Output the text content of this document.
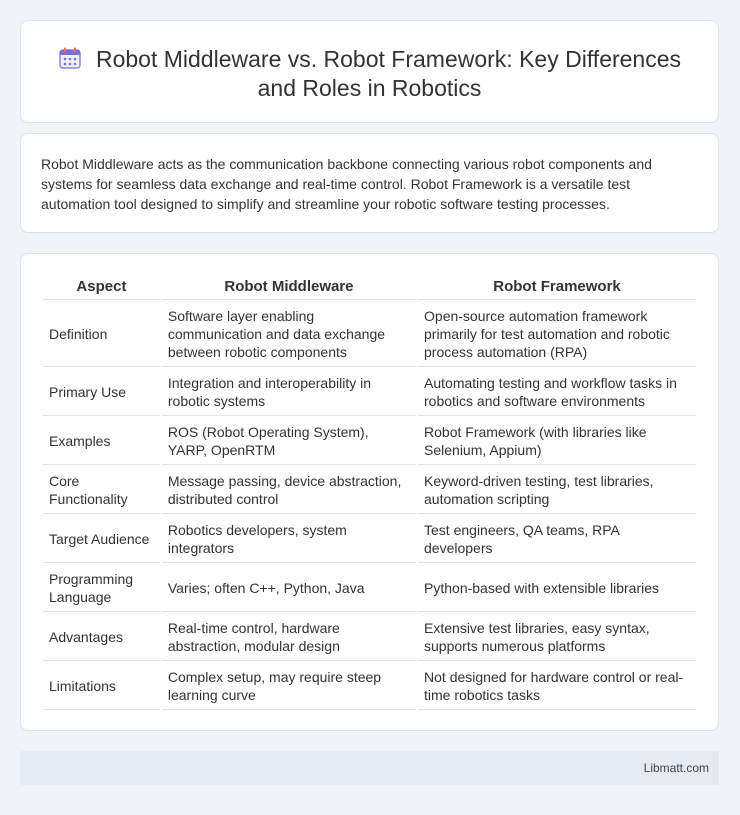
Robot Middleware vs. Robot Framework: Key Differences
and Roles in Robotics

Robot Middleware acts as the communication backbone connecting various robot components and systems for seamless data exchange and real-time control. Robot Framework is a versatile test automation tool designed to simplify and streamline your robotic software testing processes.

Aspect	Robot Middleware	Robot Framework
Definition	Software layer enabling communication and data exchange between robotic components	Open-source automation framework primarily for test automation and robotic process automation (RPA)
Primary Use	Integration and interoperability in robotic systems	Automating testing and workflow tasks in robotics and software environments
Examples	ROS (Robot Operating System), YARP, OpenRTM	Robot Framework (with libraries like Selenium, Appium)
Core Functionality	Message passing, device abstraction, distributed control	Keyword-driven testing, test libraries, automation scripting
Target Audience	Robotics developers, system integrators	Test engineers, QA teams, RPA developers
Programming Language	Varies; often C++, Python, Java	Python-based with extensible libraries
Advantages	Real-time control, hardware abstraction, modular design	Extensive test libraries, easy syntax, supports numerous platforms
Limitations	Complex setup, may require steep learning curve	Not designed for hardware control or real-time robotics tasks
Libmatt.com
